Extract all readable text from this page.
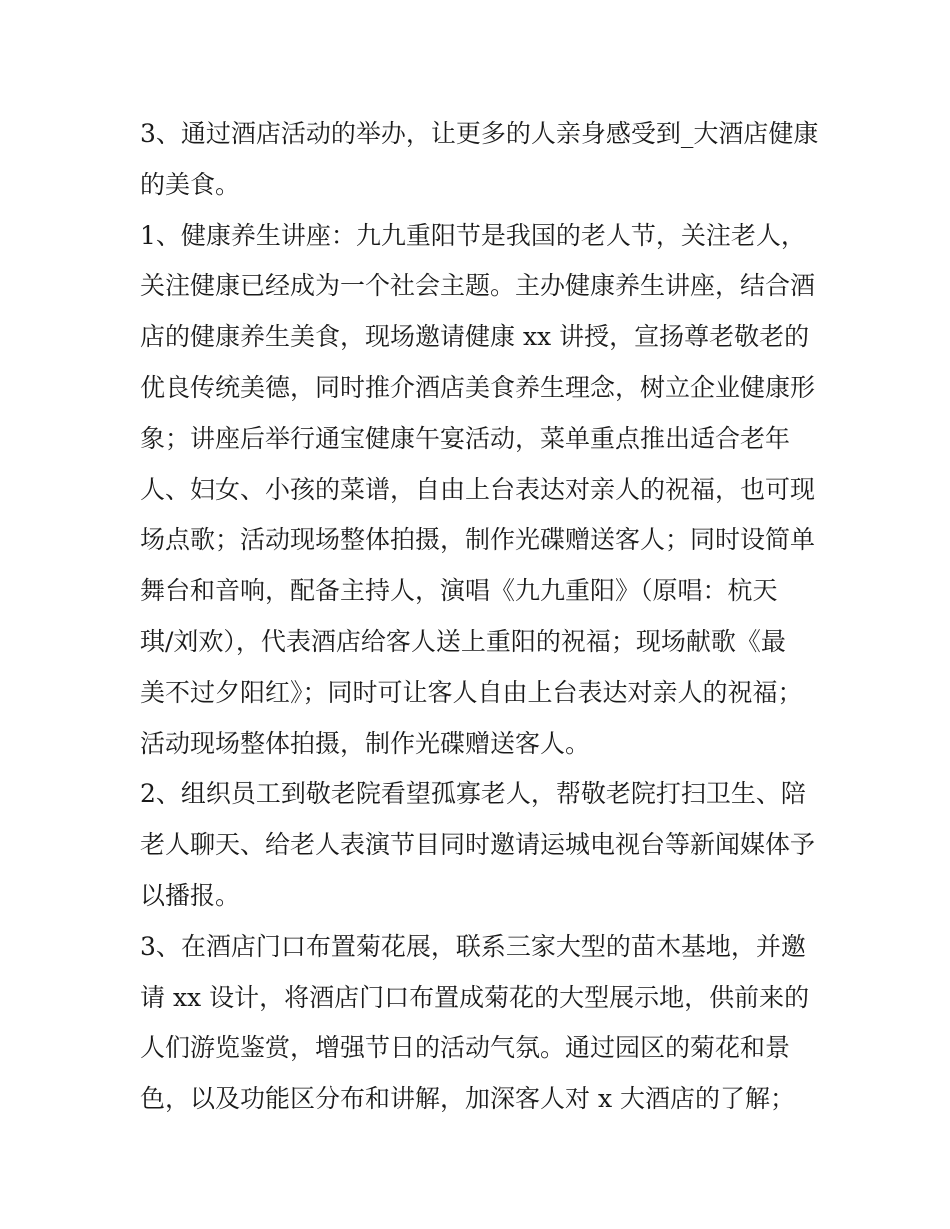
3、通过酒店活动的举办，让更多的人亲身感受到_大酒店健康
的美食。
1、健康养生讲座：九九重阳节是我国的老人节，关注老人，
关注健康已经成为一个社会主题。主办健康养生讲座，结合酒
店的健康养生美食，现场邀请健康 xx 讲授，宣扬尊老敬老的
优良传统美德，同时推介酒店美食养生理念，树立企业健康形
象；讲座后举行通宝健康午宴活动，菜单重点推出适合老年
人、妇女、小孩的菜谱，自由上台表达对亲人的祝福，也可现
场点歌；活动现场整体拍摄，制作光碟赠送客人；同时设简单
舞台和音响，配备主持人，演唱《九九重阳》（原唱：杭天
琪/刘欢），代表酒店给客人送上重阳的祝福；现场献歌《最
美不过夕阳红》；同时可让客人自由上台表达对亲人的祝福；
活动现场整体拍摄，制作光碟赠送客人。
2、组织员工到敬老院看望孤寡老人，帮敬老院打扫卫生、陪
老人聊天、给老人表演节目同时邀请运城电视台等新闻媒体予
以播报。
3、在酒店门口布置菊花展，联系三家大型的苗木基地，并邀
请 xx 设计，将酒店门口布置成菊花的大型展示地，供前来的
人们游览鉴赏，增强节日的活动气氛。通过园区的菊花和景
色，以及功能区分布和讲解，加深客人对 x 大酒店的了解；
